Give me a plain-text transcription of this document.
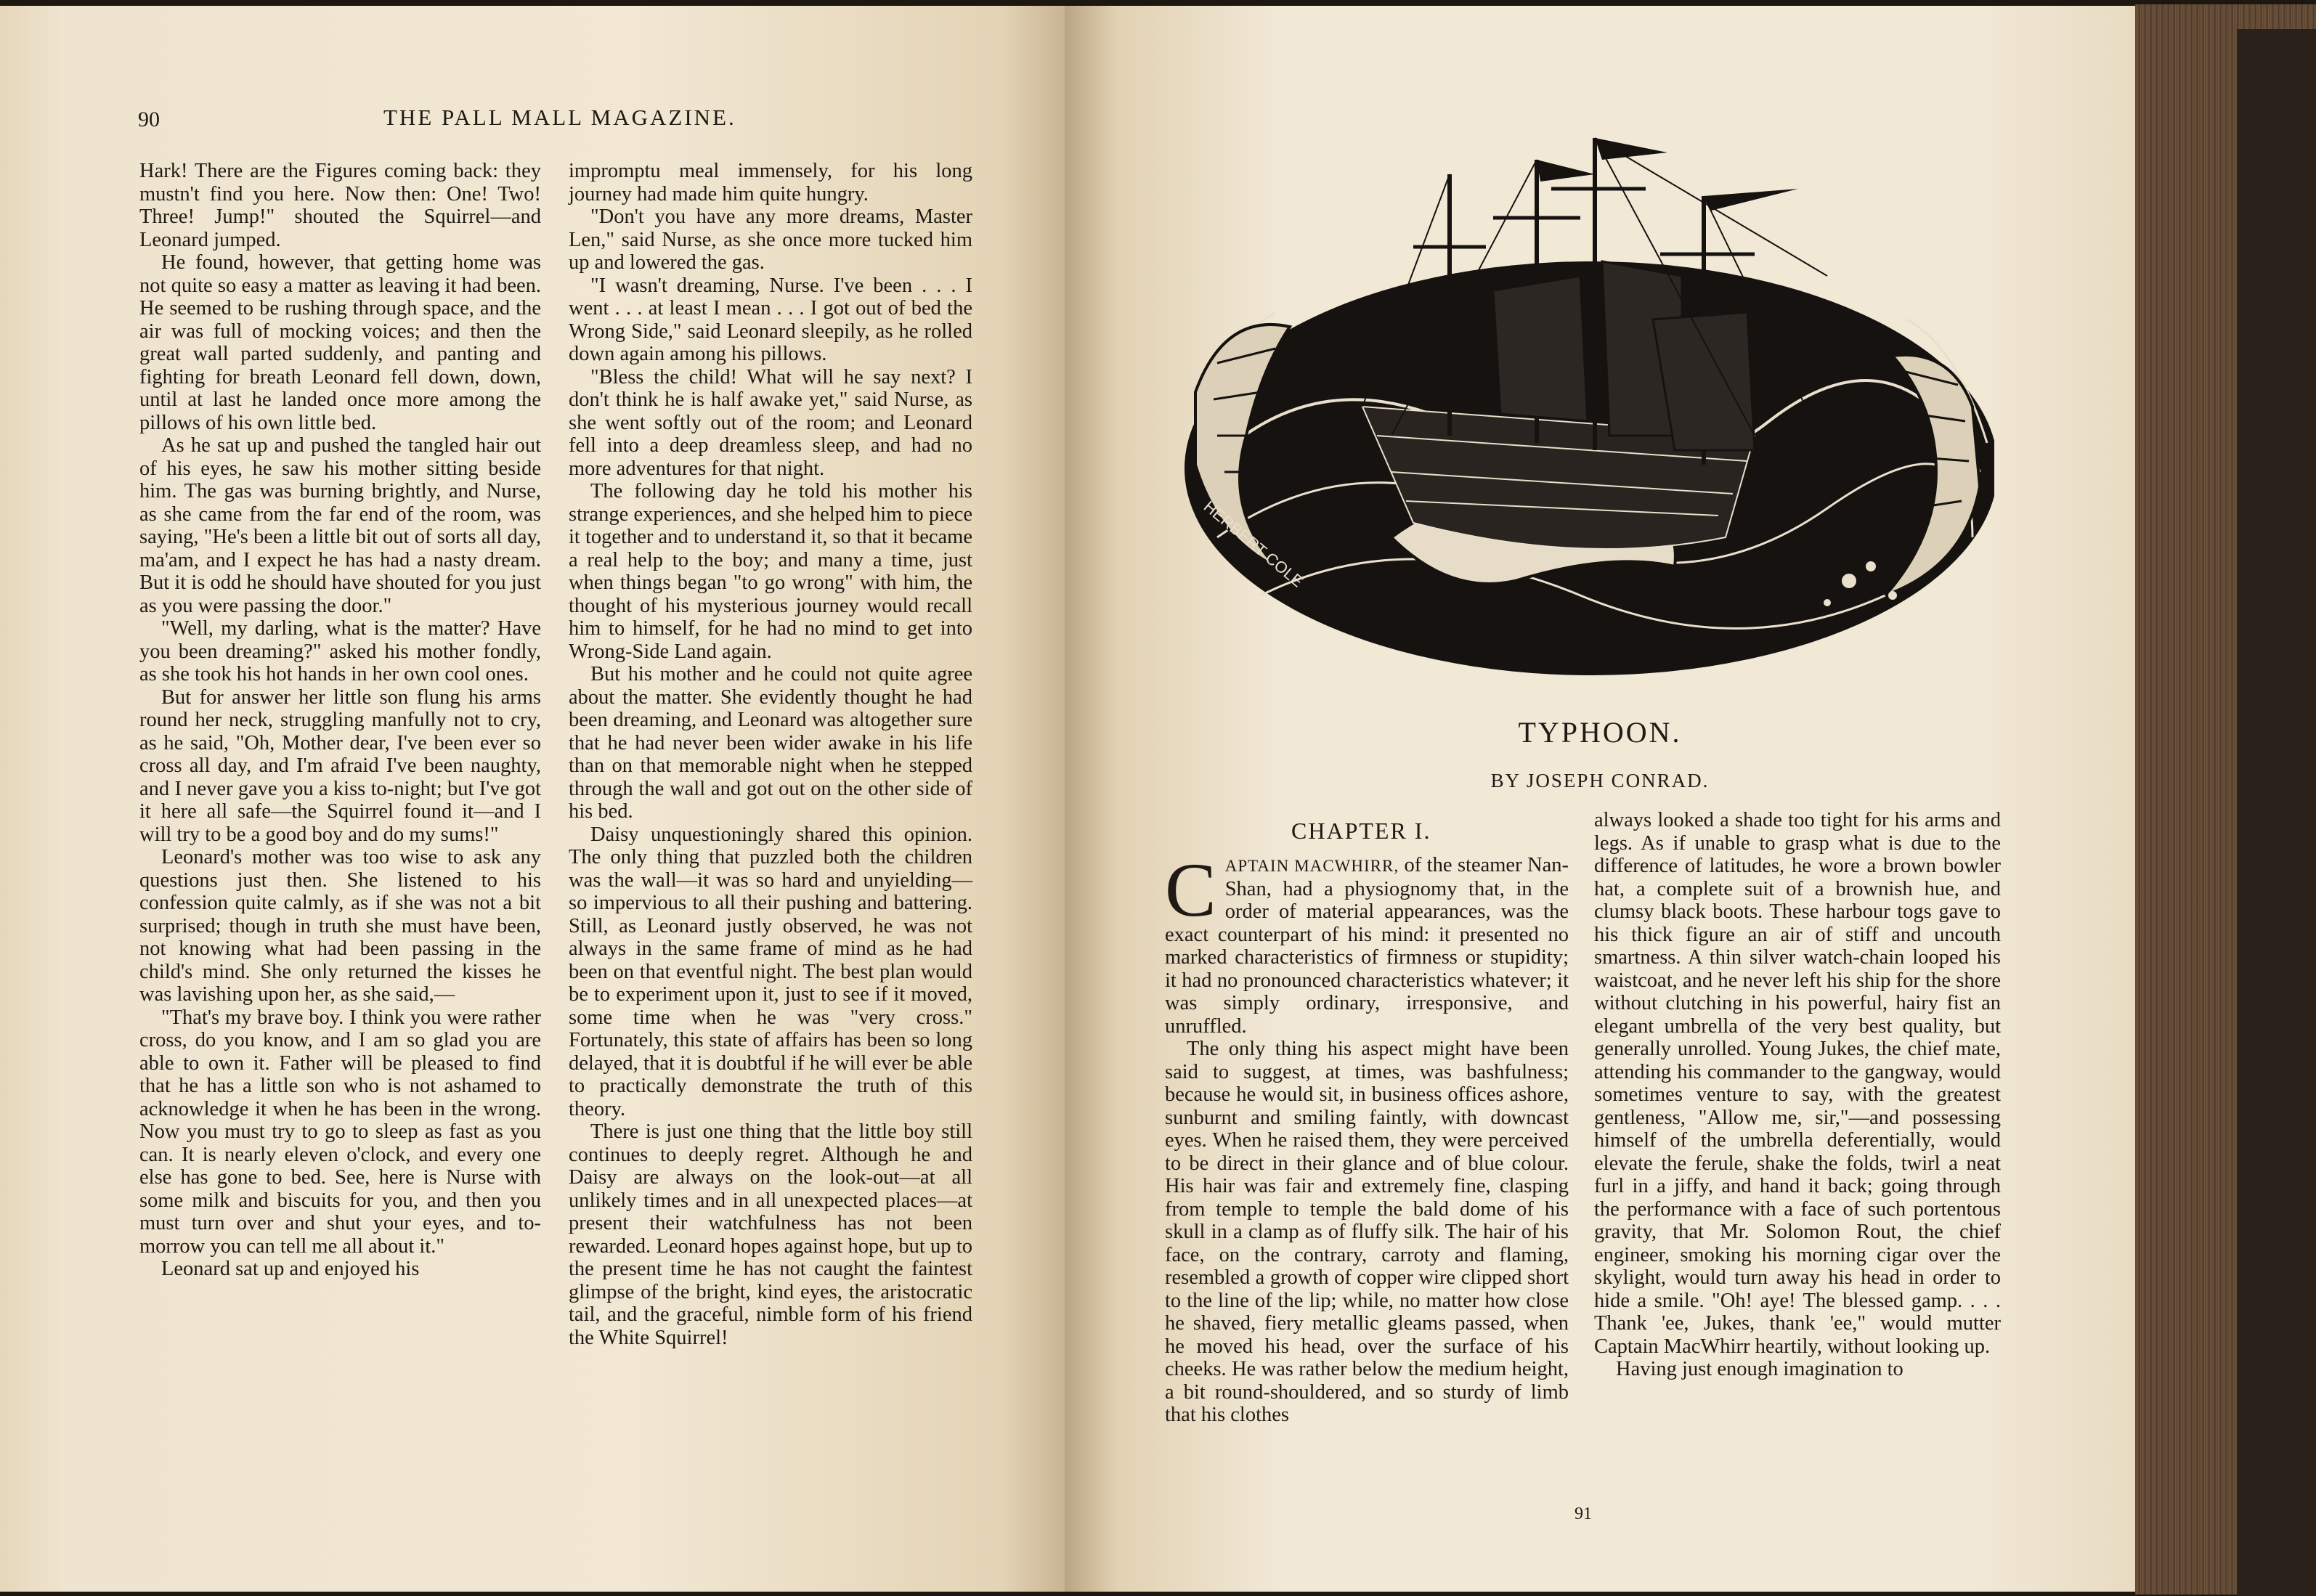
90	THE PALL MALL MAGAZINE.

Hark! There are the Figures coming back: they mustn't find you here. Now then: One! Two! Three! Jump!" shouted the Squirrel—and Leonard jumped.

He found, however, that getting home was not quite so easy a matter as leaving it had been. He seemed to be rushing through space, and the air was full of mocking voices; and then the great wall parted suddenly, and panting and fighting for breath Leonard fell down, down, until at last he landed once more among the pillows of his own little bed.

As he sat up and pushed the tangled hair out of his eyes, he saw his mother sitting beside him. The gas was burning brightly, and Nurse, as she came from the far end of the room, was saying, "He's been a little bit out of sorts all day, ma'am, and I expect he has had a nasty dream. But it is odd he should have shouted for you just as you were passing the door."

"Well, my darling, what is the matter? Have you been dreaming?" asked his mother fondly, as she took his hot hands in her own cool ones.

But for answer her little son flung his arms round her neck, struggling manfully not to cry, as he said, "Oh, Mother dear, I've been ever so cross all day, and I'm afraid I've been naughty, and I never gave you a kiss to-night; but I've got it here all safe—the Squirrel found it—and I will try to be a good boy and do my sums!"

Leonard's mother was too wise to ask any questions just then. She listened to his confession quite calmly, as if she was not a bit surprised; though in truth she must have been, not knowing what had been passing in the child's mind. She only returned the kisses he was lavishing upon her, as she said,—

"That's my brave boy. I think you were rather cross, do you know, and I am so glad you are able to own it. Father will be pleased to find that he has a little son who is not ashamed to acknowledge it when he has been in the wrong. Now you must try to go to sleep as fast as you can. It is nearly eleven o'clock, and every one else has gone to bed. See, here is Nurse with some milk and biscuits for you, and then you must turn over and shut your eyes, and to-morrow you can tell me all about it."

Leonard sat up and enjoyed his

impromptu meal immensely, for his long journey had made him quite hungry.

"Don't you have any more dreams, Master Len," said Nurse, as she once more tucked him up and lowered the gas.

"I wasn't dreaming, Nurse. I've been . . . I went . . . at least I mean . . . I got out of bed the Wrong Side," said Leonard sleepily, as he rolled down again among his pillows.

"Bless the child! What will he say next? I don't think he is half awake yet," said Nurse, as she went softly out of the room; and Leonard fell into a deep dreamless sleep, and had no more adventures for that night.

The following day he told his mother his strange experiences, and she helped him to piece it together and to understand it, so that it became a real help to the boy; and many a time, just when things began "to go wrong" with him, the thought of his mysterious journey would recall him to himself, for he had no mind to get into Wrong-Side Land again.

But his mother and he could not quite agree about the matter. She evidently thought he had been dreaming, and Leonard was altogether sure that he had never been wider awake in his life than on that memorable night when he stepped through the wall and got out on the other side of his bed.

Daisy unquestioningly shared this opinion. The only thing that puzzled both the children was the wall—it was so hard and unyielding—so impervious to all their pushing and battering. Still, as Leonard justly observed, he was not always in the same frame of mind as he had been on that eventful night. The best plan would be to experiment upon it, just to see if it moved, some time when he was "very cross." Fortunately, this state of affairs has been so long delayed, that it is doubtful if he will ever be able to practically demonstrate the truth of this theory.

There is just one thing that the little boy still continues to deeply regret. Although he and Daisy are always on the look-out—at all unlikely times and in all unexpected places—at present their watchfulness has not been rewarded. Leonard hopes against hope, but up to the present time he has not caught the faintest glimpse of the bright, kind eyes, the aristocratic tail, and the graceful, nimble form of his friend the White Squirrel!

HERBERT COLE
TYPHOON.
BY JOSEPH CONRAD.
CHAPTER I.

CAPTAIN MACWHIRR, of the steamer Nan-Shan, had a physiognomy that, in the order of material appearances, was the exact counterpart of his mind: it presented no marked characteristics of firmness or stupidity; it had no pronounced characteristics whatever; it was simply ordinary, irresponsive, and unruffled.

The only thing his aspect might have been said to suggest, at times, was bashfulness; because he would sit, in business offices ashore, sunburnt and smiling faintly, with downcast eyes. When he raised them, they were perceived to be direct in their glance and of blue colour. His hair was fair and extremely fine, clasping from temple to temple the bald dome of his skull in a clamp as of fluffy silk. The hair of his face, on the contrary, carroty and flaming, resembled a growth of copper wire clipped short to the line of the lip; while, no matter how close he shaved, fiery metallic gleams passed, when he moved his head, over the surface of his cheeks. He was rather below the medium height, a bit round-shouldered, and so sturdy of limb that his clothes

always looked a shade too tight for his arms and legs. As if unable to grasp what is due to the difference of latitudes, he wore a brown bowler hat, a complete suit of a brownish hue, and clumsy black boots. These harbour togs gave to his thick figure an air of stiff and uncouth smartness. A thin silver watch-chain looped his waistcoat, and he never left his ship for the shore without clutching in his powerful, hairy fist an elegant umbrella of the very best quality, but generally unrolled. Young Jukes, the chief mate, attending his commander to the gangway, would sometimes venture to say, with the greatest gentleness, "Allow me, sir,"—and possessing himself of the umbrella deferentially, would elevate the ferule, shake the folds, twirl a neat furl in a jiffy, and hand it back; going through the performance with a face of such portentous gravity, that Mr. Solomon Rout, the chief engineer, smoking his morning cigar over the skylight, would turn away his head in order to hide a smile. "Oh! aye! The blessed gamp. . . . Thank 'ee, Jukes, thank 'ee," would mutter Captain MacWhirr heartily, without looking up.

Having just enough imagination to

91
